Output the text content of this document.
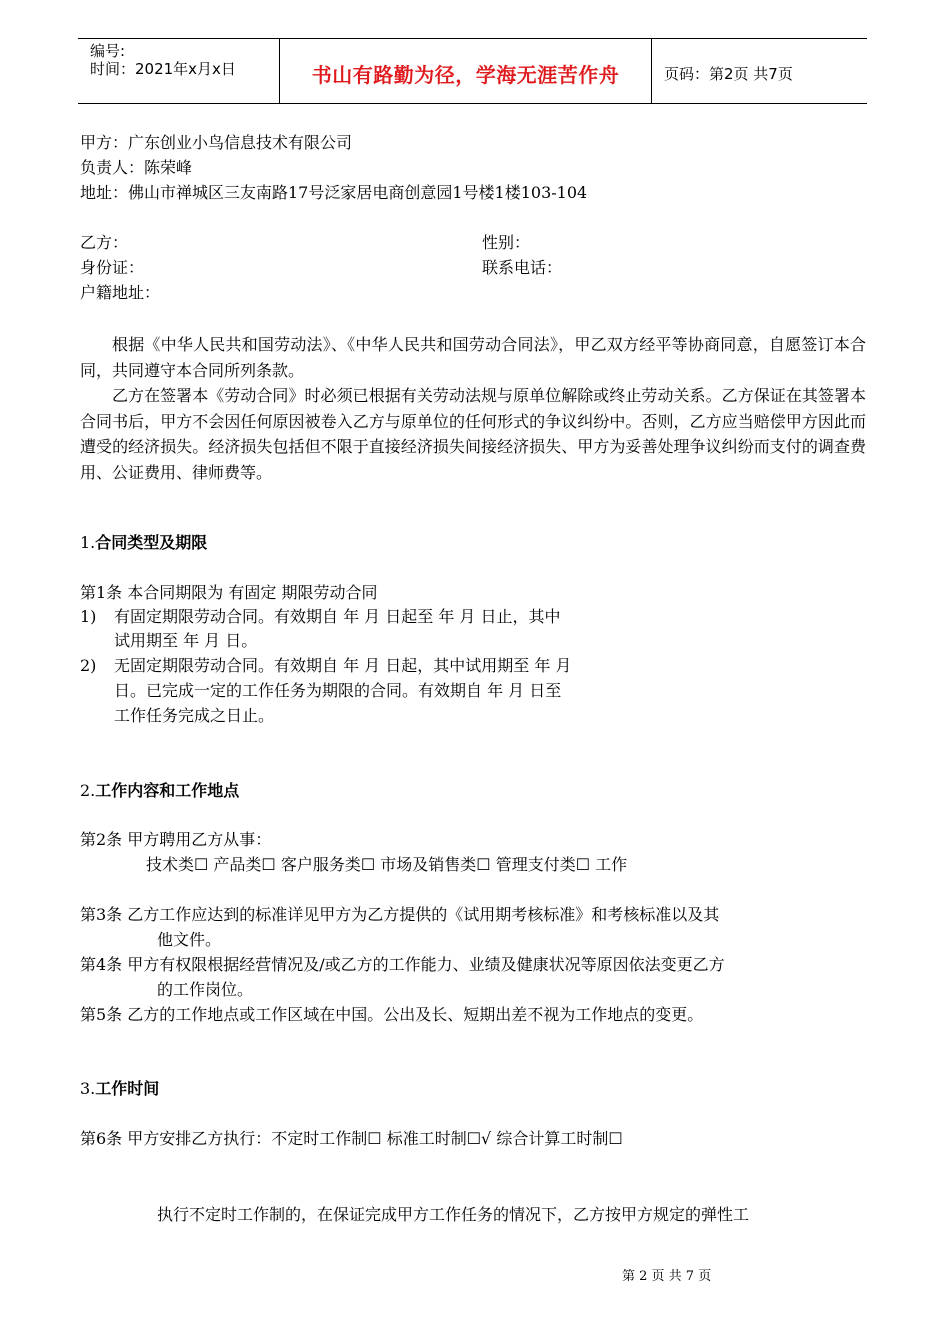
编号:
时间：2021年x月x日	书山有路勤为径，学海无涯苦作舟	页码：第2页 共7页
甲方：广东创业小鸟信息技术有限公司
负责人：陈荣峰
地址：佛山市禅城区三友南路17号泛家居电商创意园1号楼1楼103-104
乙方：	性别：
身份证：	联系电话：
户籍地址：
根据《中华人民共和国劳动法》、《中华人民共和国劳动合同法》，甲乙双方经平等协商同意，自愿签订本合同，共同遵守本合同所列条款。
乙方在签署本《劳动合同》时必须已根据有关劳动法规与原单位解除或终止劳动关系。乙方保证在其签署本合同书后，甲方不会因任何原因被卷入乙方与原单位的任何形式的争议纠纷中。否则，乙方应当赔偿甲方因此而遭受的经济损失。经济损失包括但不限于直接经济损失间接经济损失、甲方为妥善处理争议纠纷而支付的调查费用、公证费用、律师费等。
1.合同类型及期限
第1条 本合同期限为 有固定 期限劳动合同
1) 有固定期限劳动合同。有效期自 年 月 日起至 年 月 日止，其中
试用期至 年 月 日。
2) 无固定期限劳动合同。有效期自 年 月 日起，其中试用期至 年 月
日。已完成一定的工作任务为期限的合同。有效期自 年 月 日至
工作任务完成之日止。
2.工作内容和工作地点
第2条 甲方聘用乙方从事：
技术类☐ 产品类☐ 客户服务类☐ 市场及销售类☐ 管理支付类☐ 工作
第3条 乙方工作应达到的标准详见甲方为乙方提供的《试用期考核标准》和考核标准以及其
他文件。
第4条 甲方有权限根据经营情况及/或乙方的工作能力、业绩及健康状况等原因依法变更乙方
的工作岗位。
第5条 乙方的工作地点或工作区域在中国。公出及长、短期出差不视为工作地点的变更。
3.工作时间
第6条 甲方安排乙方执行：不定时工作制☐ 标准工时制☐√ 综合计算工时制☐
执行不定时工作制的，在保证完成甲方工作任务的情况下，乙方按甲方规定的弹性工
第 2 页 共 7 页
